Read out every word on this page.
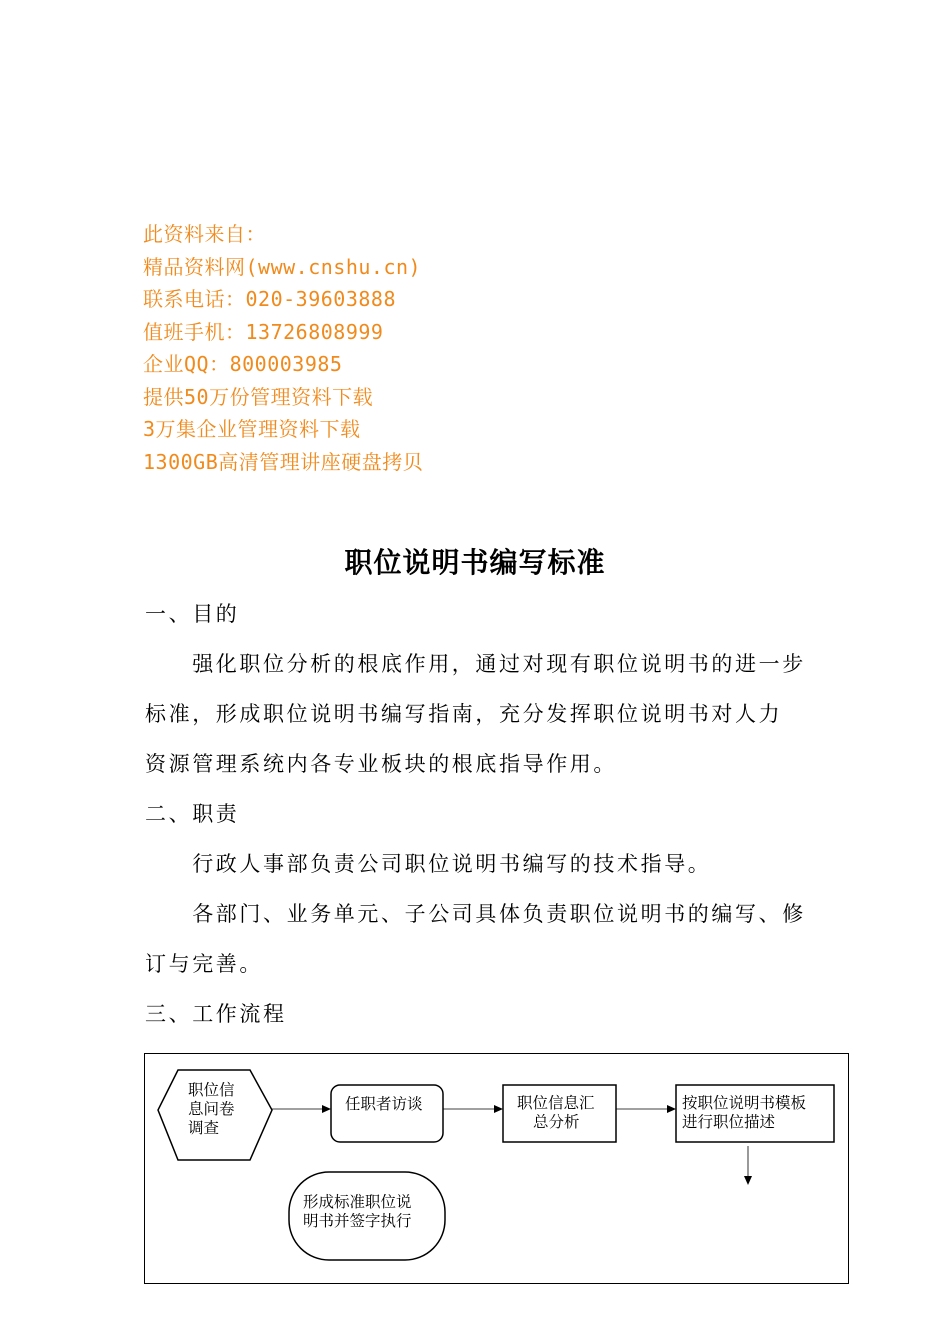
此资料来自：
精品资料网(www.cnshu.cn)
联系电话：020-39603888
值班手机：13726808999
企业QQ：800003985
提供50万份管理资料下载
3万集企业管理资料下载
1300GB高清管理讲座硬盘拷贝
职位说明书编写标准
一、目的
　　强化职位分析的根底作用，通过对现有职位说明书的进一步
标准，形成职位说明书编写指南，充分发挥职位说明书对人力
资源管理系统内各专业板块的根底指导作用。
二、职责
　　行政人事部负责公司职位说明书编写的技术指导。
　　各部门、业务单元、子公司具体负责职位说明书的编写、修
订与完善。
三、工作流程
职位信
息问卷
调查
任职者访谈	职位信息汇
总分析
按职位说明书模板
进行职位描述
形成标准职位说
明书并签字执行
